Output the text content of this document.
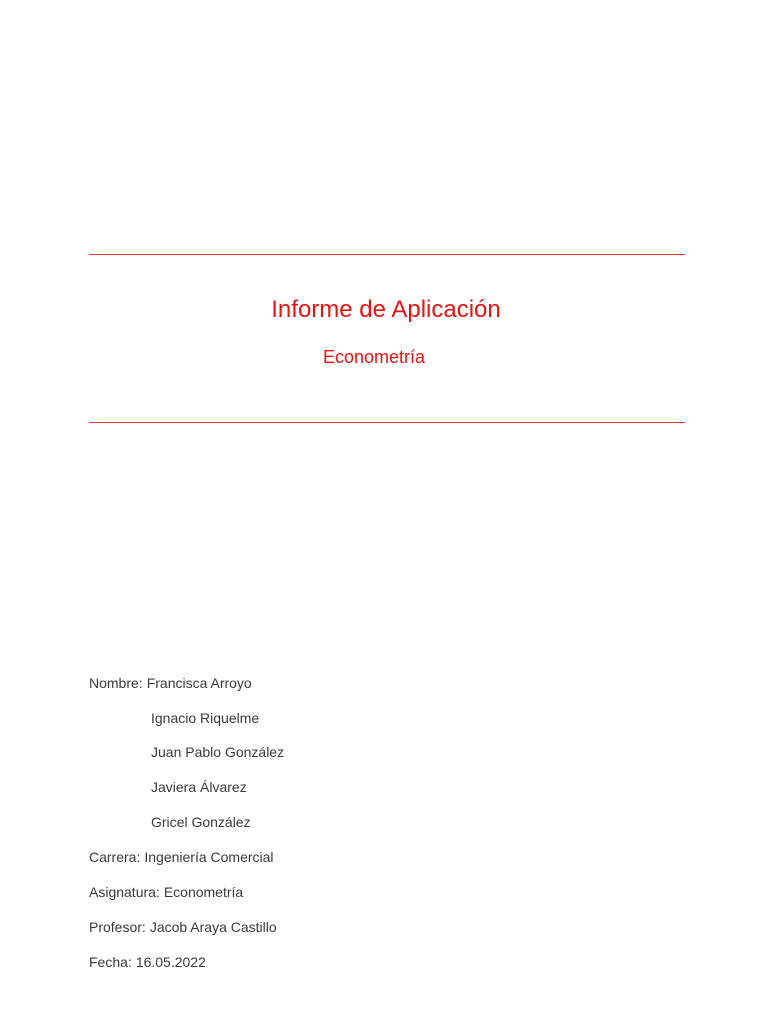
Informe de Aplicación
Econometría
Nombre: Francisca Arroyo
Ignacio Riquelme
Juan Pablo González
Javiera Álvarez
Gricel González
Carrera: Ingeniería Comercial
Asignatura: Econometría
Profesor: Jacob Araya Castillo
Fecha: 16.05.2022
